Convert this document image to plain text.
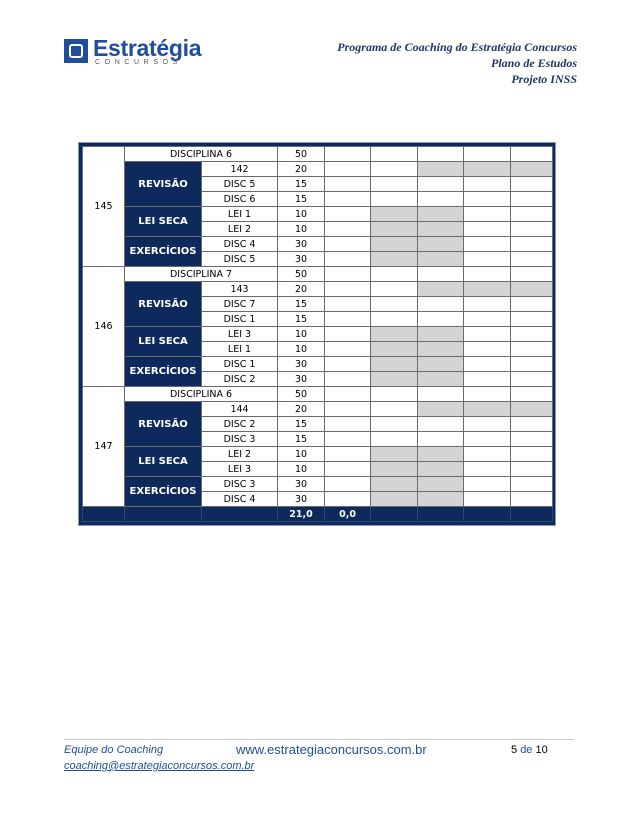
Estratégia
CONCURSOS
Programa de Coaching do Estratégia Concursos
Plano de Estudos
Projeto INSS
145	DISCIPLINA 6		50					
	REVISÃO	142	20					
		DISC 5	15					
		DISC 6	15					
	LEI SECA	LEI 1	10					
		LEI 2	10					
	EXERCÍCIOS	DISC 4	30					
		DISC 5	30					
146	DISCIPLINA 7		50					
	REVISÃO	143	20					
		DISC 7	15					
		DISC 1	15					
	LEI SECA	LEI 3	10					
		LEI 1	10					
	EXERCÍCIOS	DISC 1	30					
		DISC 2	30					
147	DISCIPLINA 6		50					
	REVISÃO	144	20					
		DISC 2	15					
		DISC 3	15					
	LEI SECA	LEI 2	10					
		LEI 3	10					
	EXERCÍCIOS	DISC 3	30					
		DISC 4	30					
			21,0	0,0				
Equipe do Coaching	www.estrategiaconcursos.com.br	5 de 10
coaching@estrategiaconcursos.com.br
